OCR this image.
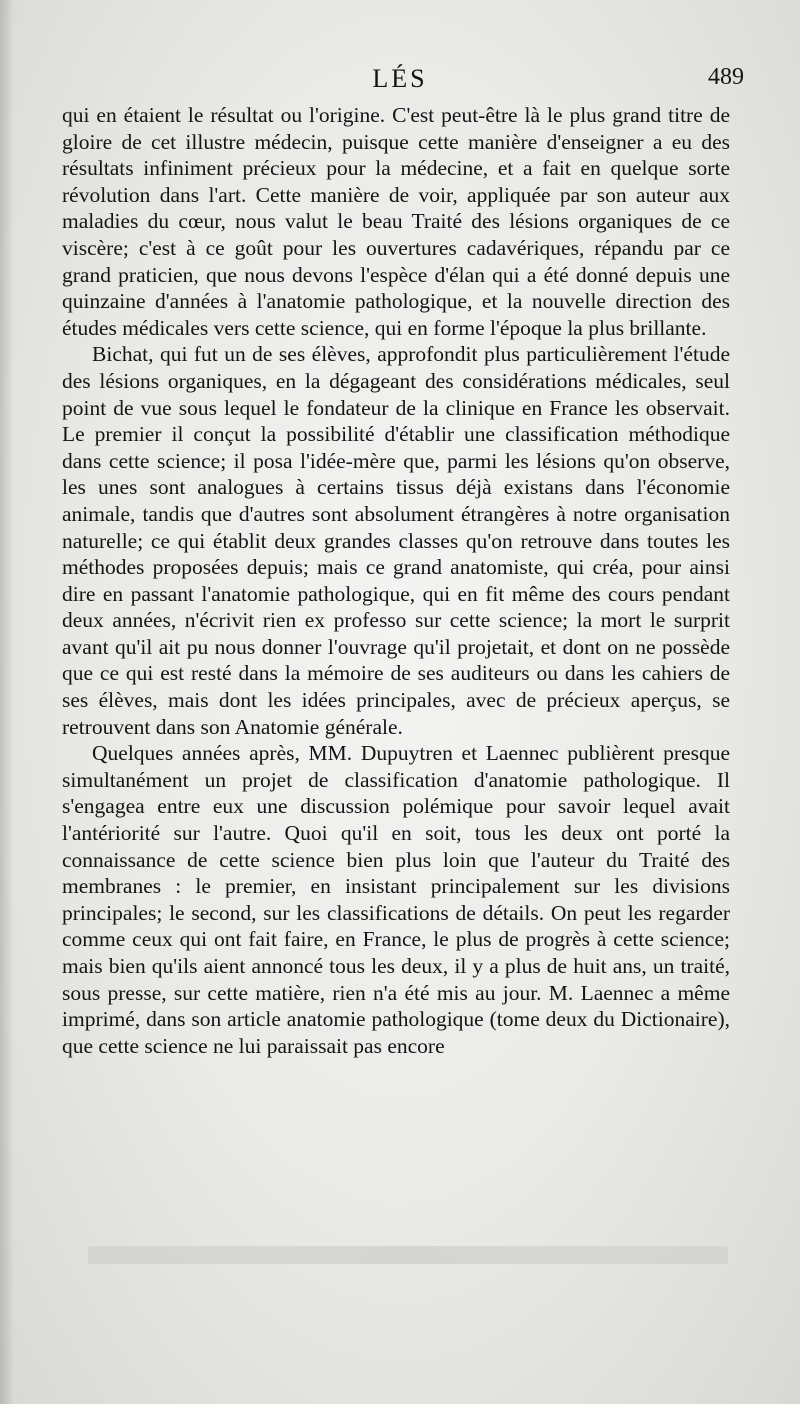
LÉS	489

qui en étaient le résultat ou l'origine. C'est peut-être là le plus grand titre de gloire de cet illustre médecin, puisque cette manière d'enseigner a eu des résultats infiniment précieux pour la médecine, et a fait en quelque sorte révolution dans l'art. Cette manière de voir, appliquée par son auteur aux maladies du cœur, nous valut le beau Traité des lésions organiques de ce viscère; c'est à ce goût pour les ouvertures cadavériques, répandu par ce grand praticien, que nous devons l'espèce d'élan qui a été donné depuis une quinzaine d'années à l'anatomie pathologique, et la nouvelle direction des études médicales vers cette science, qui en forme l'époque la plus brillante.

Bichat, qui fut un de ses élèves, approfondit plus particulièrement l'étude des lésions organiques, en la dégageant des considérations médicales, seul point de vue sous lequel le fondateur de la clinique en France les observait. Le premier il conçut la possibilité d'établir une classification méthodique dans cette science; il posa l'idée-mère que, parmi les lésions qu'on observe, les unes sont analogues à certains tissus déjà existans dans l'économie animale, tandis que d'autres sont absolument étrangères à notre organisation naturelle; ce qui établit deux grandes classes qu'on retrouve dans toutes les méthodes proposées depuis; mais ce grand anatomiste, qui créa, pour ainsi dire en passant l'anatomie pathologique, qui en fit même des cours pendant deux années, n'écrivit rien ex professo sur cette science; la mort le surprit avant qu'il ait pu nous donner l'ouvrage qu'il projetait, et dont on ne possède que ce qui est resté dans la mémoire de ses auditeurs ou dans les cahiers de ses élèves, mais dont les idées principales, avec de précieux aperçus, se retrouvent dans son Anatomie générale.

Quelques années après, MM. Dupuytren et Laennec publièrent presque simultanément un projet de classification d'anatomie pathologique. Il s'engagea entre eux une discussion polémique pour savoir lequel avait l'antériorité sur l'autre. Quoi qu'il en soit, tous les deux ont porté la connaissance de cette science bien plus loin que l'auteur du Traité des membranes : le premier, en insistant principalement sur les divisions principales; le second, sur les classifications de détails. On peut les regarder comme ceux qui ont fait faire, en France, le plus de progrès à cette science; mais bien qu'ils aient annoncé tous les deux, il y a plus de huit ans, un traité, sous presse, sur cette matière, rien n'a été mis au jour. M. Laennec a même imprimé, dans son article anatomie pathologique (tome deux du Dictionaire), que cette science ne lui paraissait pas encore
